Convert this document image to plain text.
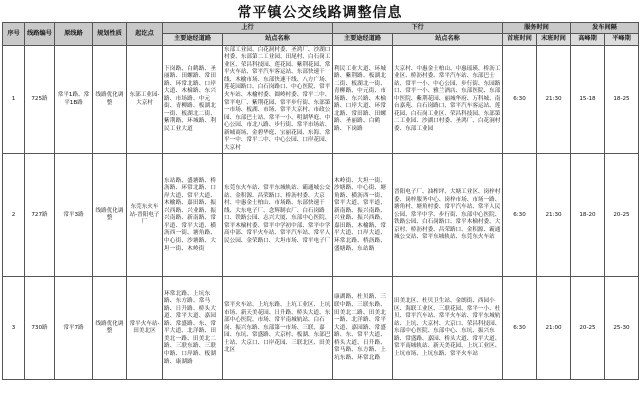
常平镇公交线路调整信息
序号	线路编号	原线路	规划性质	起讫点	上行		下行		服务时间		发车间隔	
					主要途经道路	站点名称	主要途经道路	站点名称	首班时间	末班时间	高峰期	平峰期
1	725路	常平1路、常平1B路	线路优化调整	东部工业园-大京村	下岗路、白鹤路、圣丽路、田螺路、常田路、环常北路、口岸大道、木棆路、东兴路、市场路、中元街、青柳路、板湖北一街、板湖北二街、紫荆路、环城路、利民工业大道	东部工业园、白花洞村委、圣鸿厂、沙湖口村委、东部第二工业园、田尾村、白石岗工业区、荣昌科技园、莲花园、紫荆花园、常平火车站、常平汽车客运站、东部快速干线、木榆市场、东部快速干线、八方广场、莲花园路口、白石岗路口、中心医院、常平火车站、木榆村委、圆岭村委、常平二中、常平电厂、紫荆花园、常平步行街、东部第一市场、板湖、市场、常平大京村、市政公园、东部巴士站、常平一小、明湖华庭、中心公园、市北八路、步行街、常平市场站、新城商场、金碧华庭、宝丽花园、东海、常平一中、常平二中、中心公园、口岸花园、大京村	利民工业大道、环城路、紫荆路、板湖北二街、板湖北一街、青柳路、中元街、市场路、东兴路、木棆路、口岸大道、环常北路、常田路、田螺路、圣丽路、白鹤路、下岗路	大京村、中惠金士柏山、中惠瑶瑛、桥沥工业区、桥沥村委、常平汽车站、东部巴士站、常平一小、中心公园、步行街、东园路口、常平一小、雅兰酒店、东部医院、东部中医院、紫荆花园、丽城华府、万科城、南台嘉苑、白石岗路口、常平汽车客运站、莲花园、白石岗工业区、荣昌科技园、东部第二工业园、沙湖口村委、圣鸿厂、白花洞村委、东部工业园	6:30	21:30	15-18	18-25
2	727路	常平3路	线路优化调整	东莞东火车站-晋阳电子厂	东站路、盛塘路、桥沥路、环常北路、口岸大道、常平大道、木榆路、嘉田路、振兴西路、兴业路、振兴南路、新南路、常平道、常平大道、横沥西一街、塘角路、中心街、沙塘路、大坦一街、木岭街	东莞东火车站、常平东城轨站、霸通城公交站、金积源、昌荣路口、桥沥村委、大京村、中惠金士柏山、市场路、东部快速干线、大东电子厂、念辉制衣厂、白石岗路口、铁路公园、志兴大厦、东部中心医院、常平木棆村委、常平中学初中部、常平中学高中部、常平火车站、常平汽车站、常平人民公园、金荣路口、大坦市场、常平电子厂	木岭街、大坦一街、沙塘路、中心街、塘角路、横沥西一街、常平大道、常平道、新南路、振兴南路、兴业路、振兴西路、嘉田路、木榆路、常平大道、口岸大道、环常北路、桥沥路、盛塘路、东站路	晋阳电子厂、油榨坪、大塘工业区、岗梓村委、岗梓服务中心、岗梓市场、市场一路、塘角村、塘角村委、常平汽车站、常平人民公园、常平中学、步行街、东部中心医院、铁路公园、白石岗路口、常平木棆村委、大京村、桥沥村委、昌荣路口、金积源、霸通城公交站、常平东城轨站、东莞东火车站	6:30	21:30	18-20	20-25
3	730路	常平7路	线路优化调整	常平火车站-田美北区	环常北路、上坑东路、东方路、常马路、日升路、桥头大道、常平大道、嘉园路、常盛路、东、常平大道、北洋路、田美北一路、田美北二路、三联东路、三联中路、口岸路、板湖路、康湖路	常平火车站、上坑东路、上坑工业区、上坑市场、新天美花园、日升路、桥头大道、东部中心医院、市场、常平南城轨站、白石岗、振兴东路、东部第一市场、三联、嘉园、东坑、常盛路、大京村、板湖、东部巴士站、大京口、口岸花园、三联北区、田美北区	康湖路、杜贝路、三联中路、三联东路、田美北二路、田美北一路、北洋路、常平大道、嘉园路、常盛路、东、常平大道、桥头大道、日升路、常马路、东方路、上坑东路、环常北路	田美北区、杜贝卫生站、金朗街、西园小区、海联工业区、三联花园、常平一小、杜贝、常平汽车站、常平火车站、常平东城轨站、上坑、大京村、大京口、荣昌科技园、东部中心医院、东部中心、东坑、振兴东路、常盛路、嘉园、桥头大道、常平大道、常平南城轨站、新天美花园、上坑工业区、上坑市场、上坑东路、常平火车站	6:30	21:00	20-25	25-30
